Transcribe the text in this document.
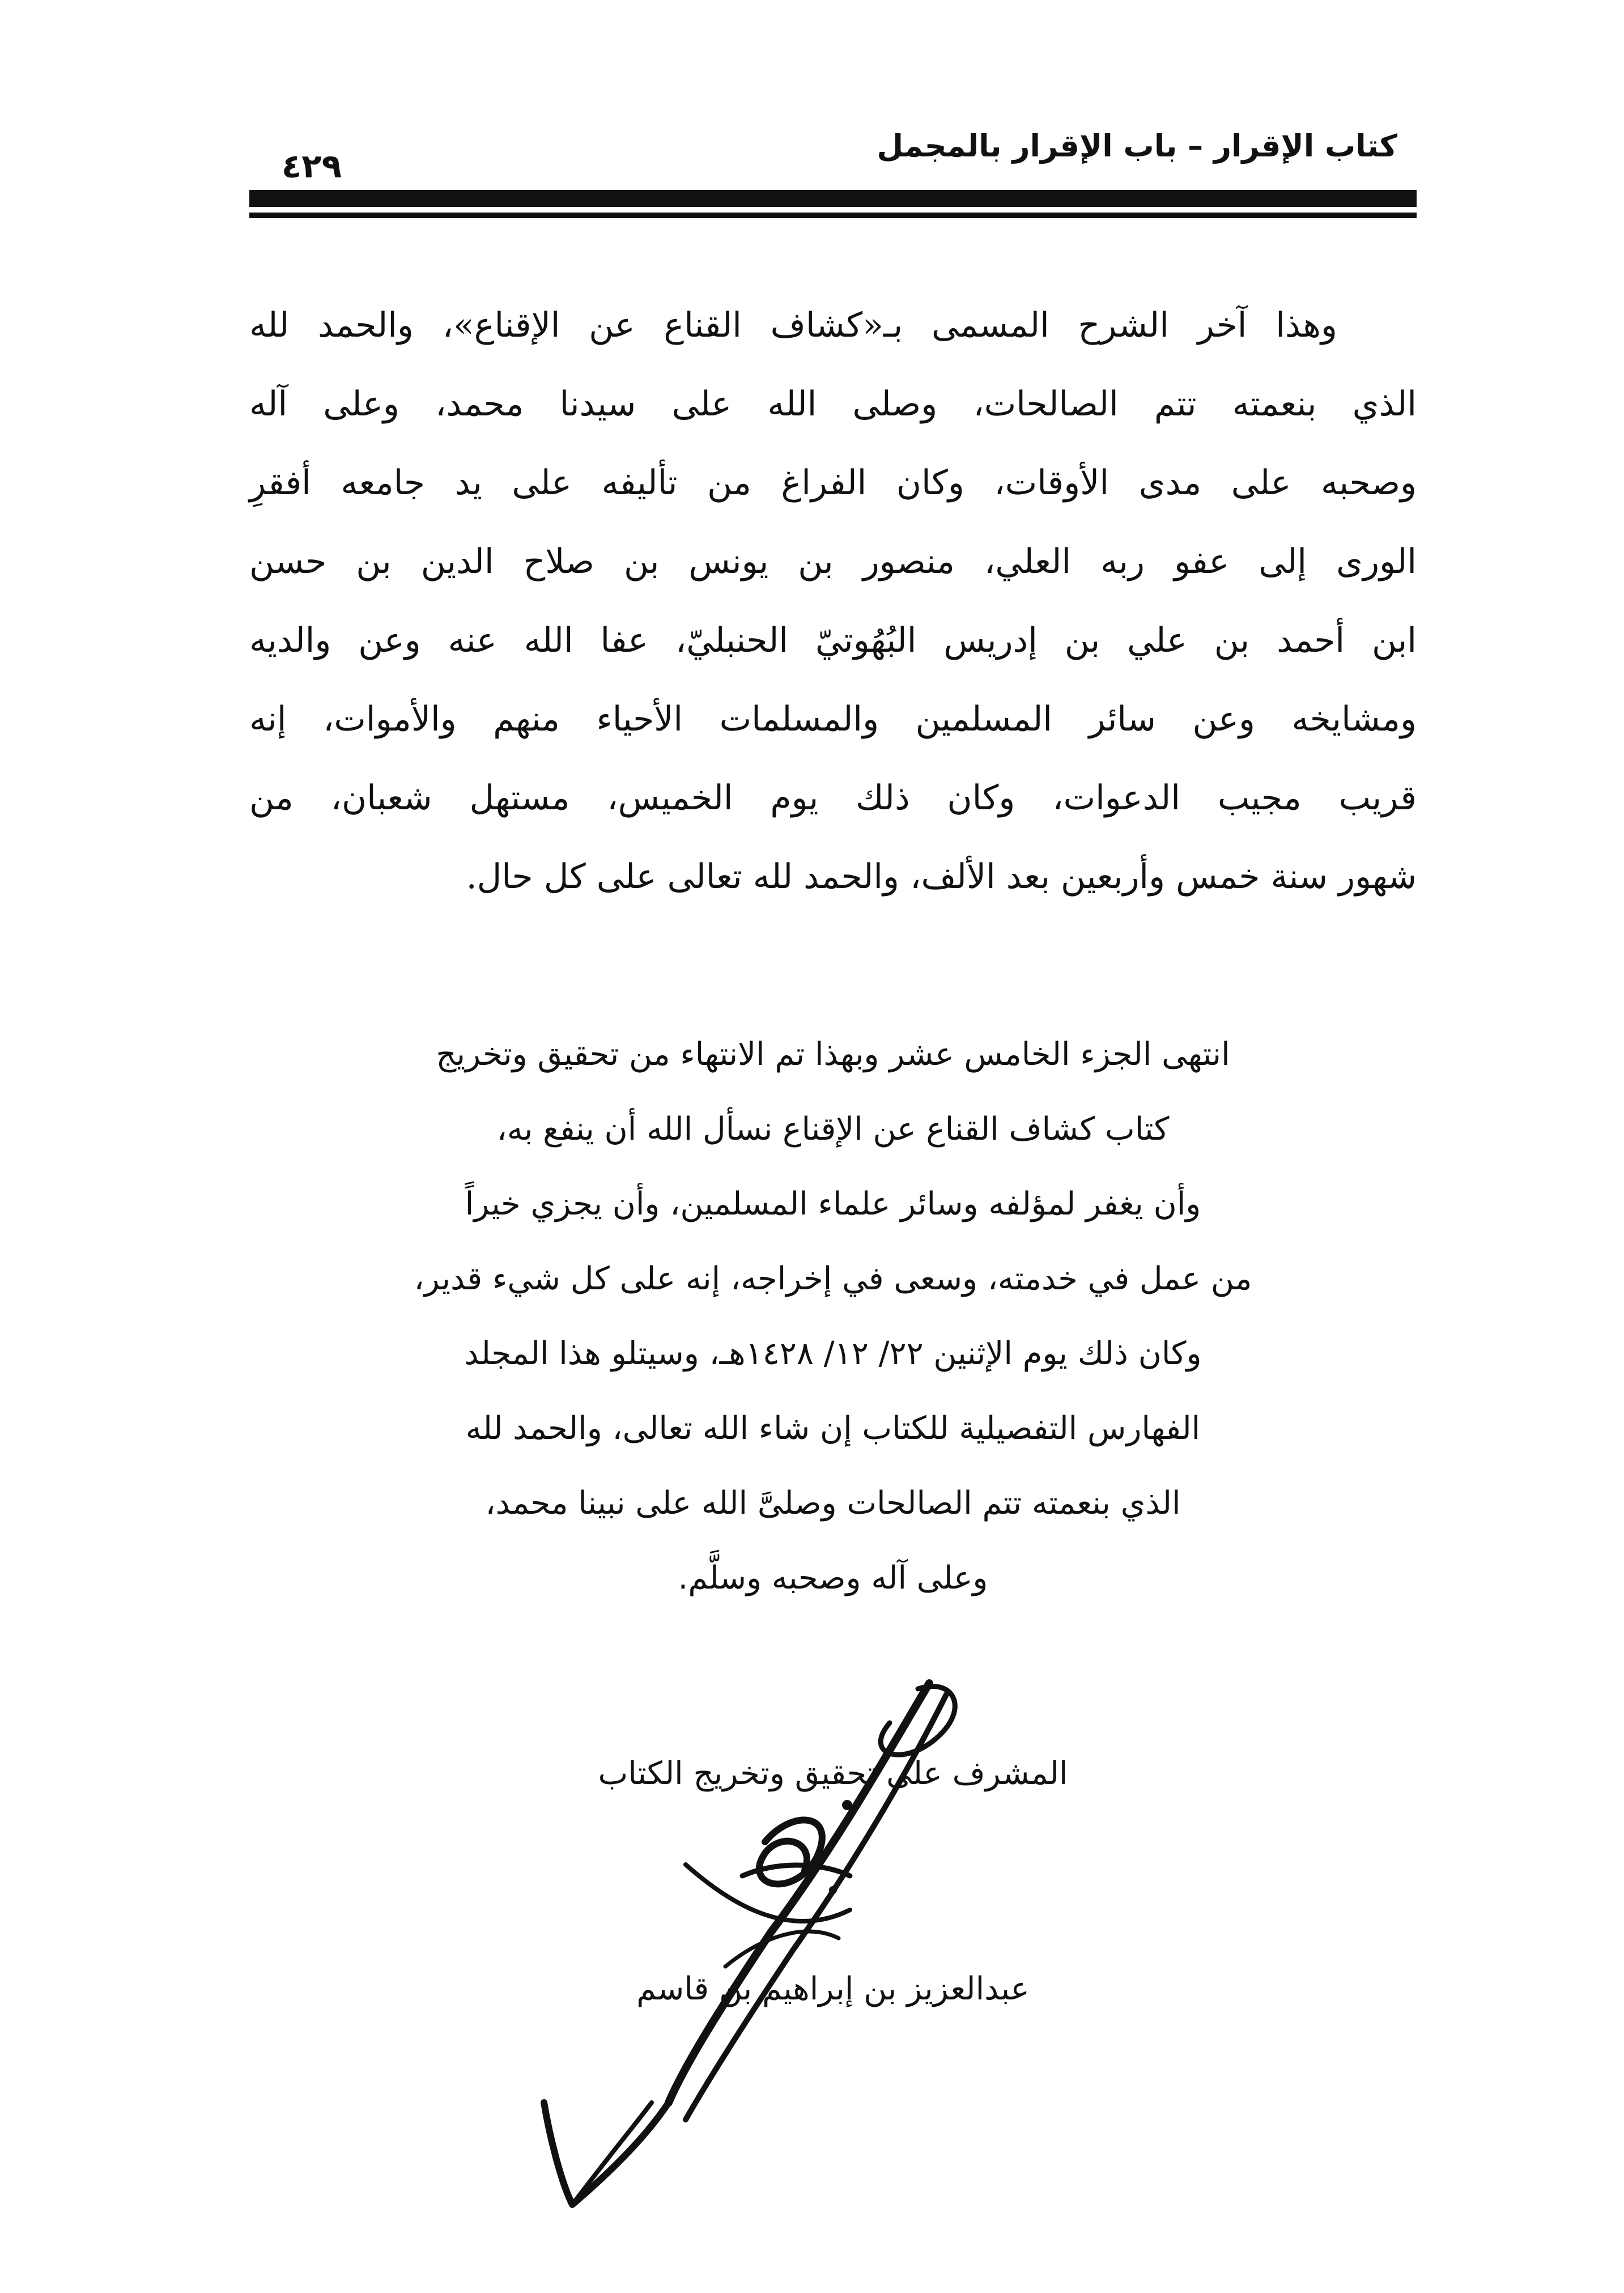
كتاب الإقرار – باب الإقرار بالمجمل
٤٢٩
وهذا آخر الشرح المسمى بـ«كشاف القناع عن الإقناع»، والحمد لله
الذي بنعمته تتم الصالحات، وصلى الله على سيدنا محمد، وعلى آله
وصحبه على مدى الأوقات، وكان الفراغ من تأليفه على يد جامعه أفقرِ
الورى إلى عفو ربه العلي، منصور بن يونس بن صلاح الدين بن حسن
ابن أحمد بن علي بن إدريس البُهُوتيّ الحنبليّ، عفا الله عنه وعن والديه
ومشايخه وعن سائر المسلمين والمسلمات الأحياء منهم والأموات، إنه
قريب مجيب الدعوات، وكان ذلك يوم الخميس، مستهل شعبان، من
شهور سنة خمس وأربعين بعد الألف، والحمد لله تعالى على كل حال.
انتهى الجزء الخامس عشر وبهذا تم الانتهاء من تحقيق وتخريج
كتاب كشاف القناع عن الإقناع نسأل الله أن ينفع به،
وأن يغفر لمؤلفه وسائر علماء المسلمين، وأن يجزي خيراً
من عمل في خدمته، وسعى في إخراجه، إنه على كل شيء قدير،
وكان ذلك يوم الإثنين ٢٢/ ١٢/ ١٤٢٨هـ، وسيتلو هذا المجلد
الفهارس التفصيلية للكتاب إن شاء الله تعالى، والحمد لله
الذي بنعمته تتم الصالحات وصلىَّ الله على نبينا محمد،
وعلى آله وصحبه وسلَّم.
المشرف على تحقيق وتخريج الكتاب
عبدالعزيز بن إبراهيم بن قاسم
